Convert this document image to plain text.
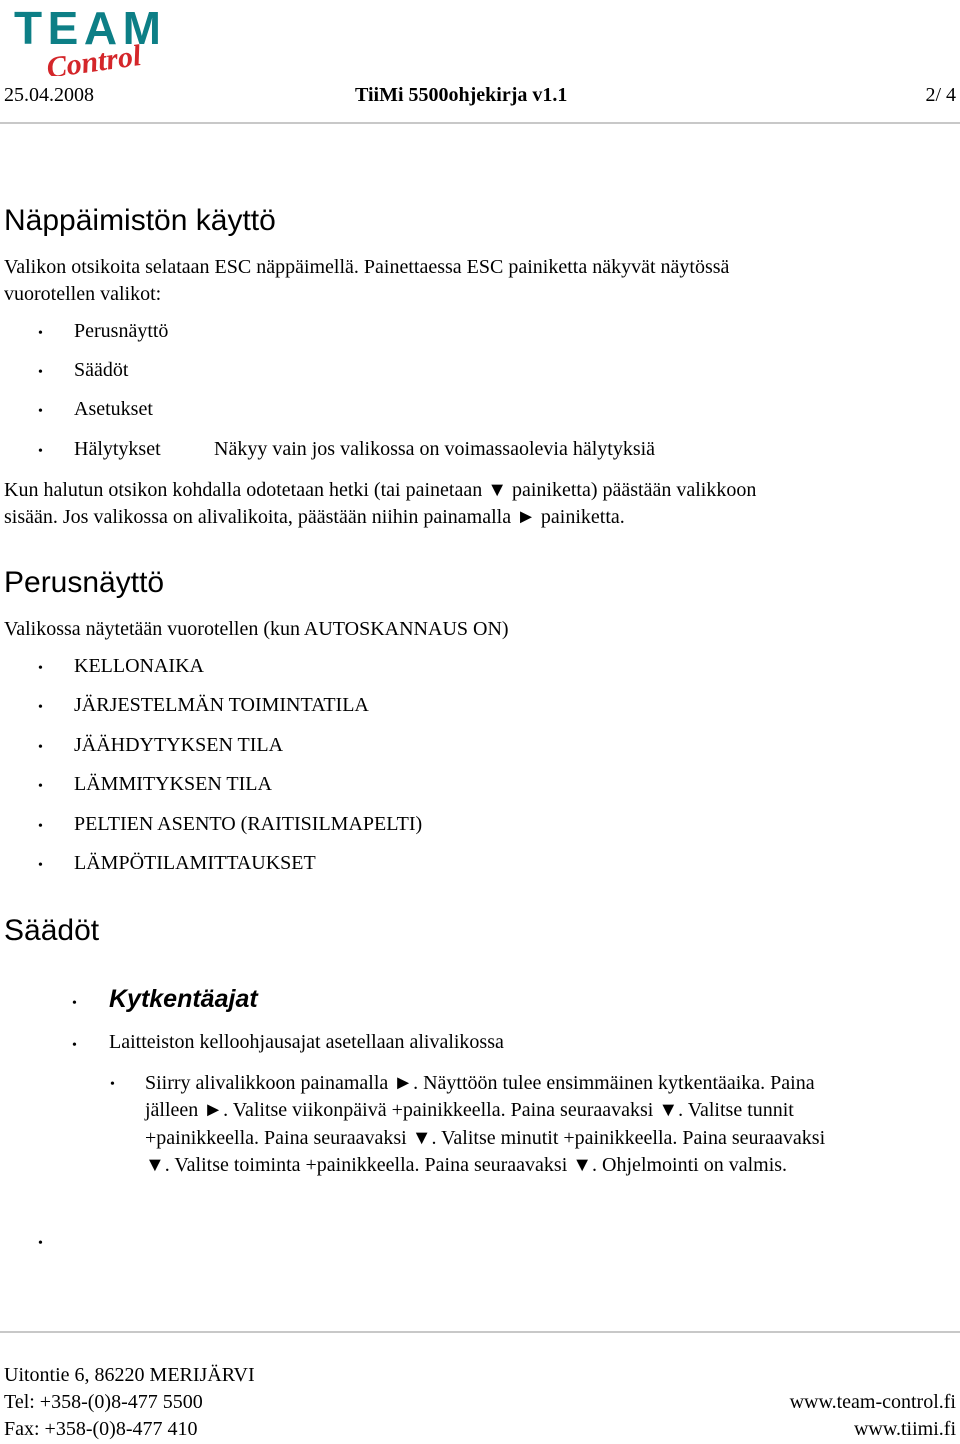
TEAM
Control
25.04.2008	TiiMi 5500ohjekirja v1.1	2/ 4
Näppäimistön käyttö
Valikon otsikoita selataan ESC näppäimellä. Painettaessa ESC painiketta näkyvät näytössä
vuorotellen valikot:
• Perusnäyttö
• Säädöt
• Asetukset
• Hälytykset	Näkyy vain jos valikossa on voimassaolevia hälytyksiä
Kun halutun otsikon kohdalla odotetaan hetki (tai painetaan ▼ painiketta) päästään valikkoon
sisään. Jos valikossa on alivalikoita, päästään niihin painamalla ► painiketta.
Perusnäyttö
Valikossa näytetään vuorotellen (kun AUTOSKANNAUS ON)
• KELLONAIKA
• JÄRJESTELMÄN TOIMINTATILA
• JÄÄHDYTYKSEN TILA
• LÄMMITYKSEN TILA
• PELTIEN ASENTO (RAITISILMAPELTI)
• LÄMPÖTILAMITTAUKSET
Säädöt
• Kytkentäajat
• Laitteiston kelloohjausajat asetellaan alivalikossa
• Siirry alivalikkoon painamalla ►. Näyttöön tulee ensimmäinen kytkentäaika. Paina
jälleen ►. Valitse viikonpäivä +painikkeella. Paina seuraavaksi ▼. Valitse tunnit
+painikkeella. Paina seuraavaksi ▼. Valitse minutit +painikkeella. Paina seuraavaksi
▼. Valitse toiminta +painikkeella. Paina seuraavaksi ▼. Ohjelmointi on valmis.
•
Uitontie 6, 86220 MERIJÄRVI
Tel: +358-(0)8-477 5500
Fax: +358-(0)8-477 410
www.team-control.fi
www.tiimi.fi
